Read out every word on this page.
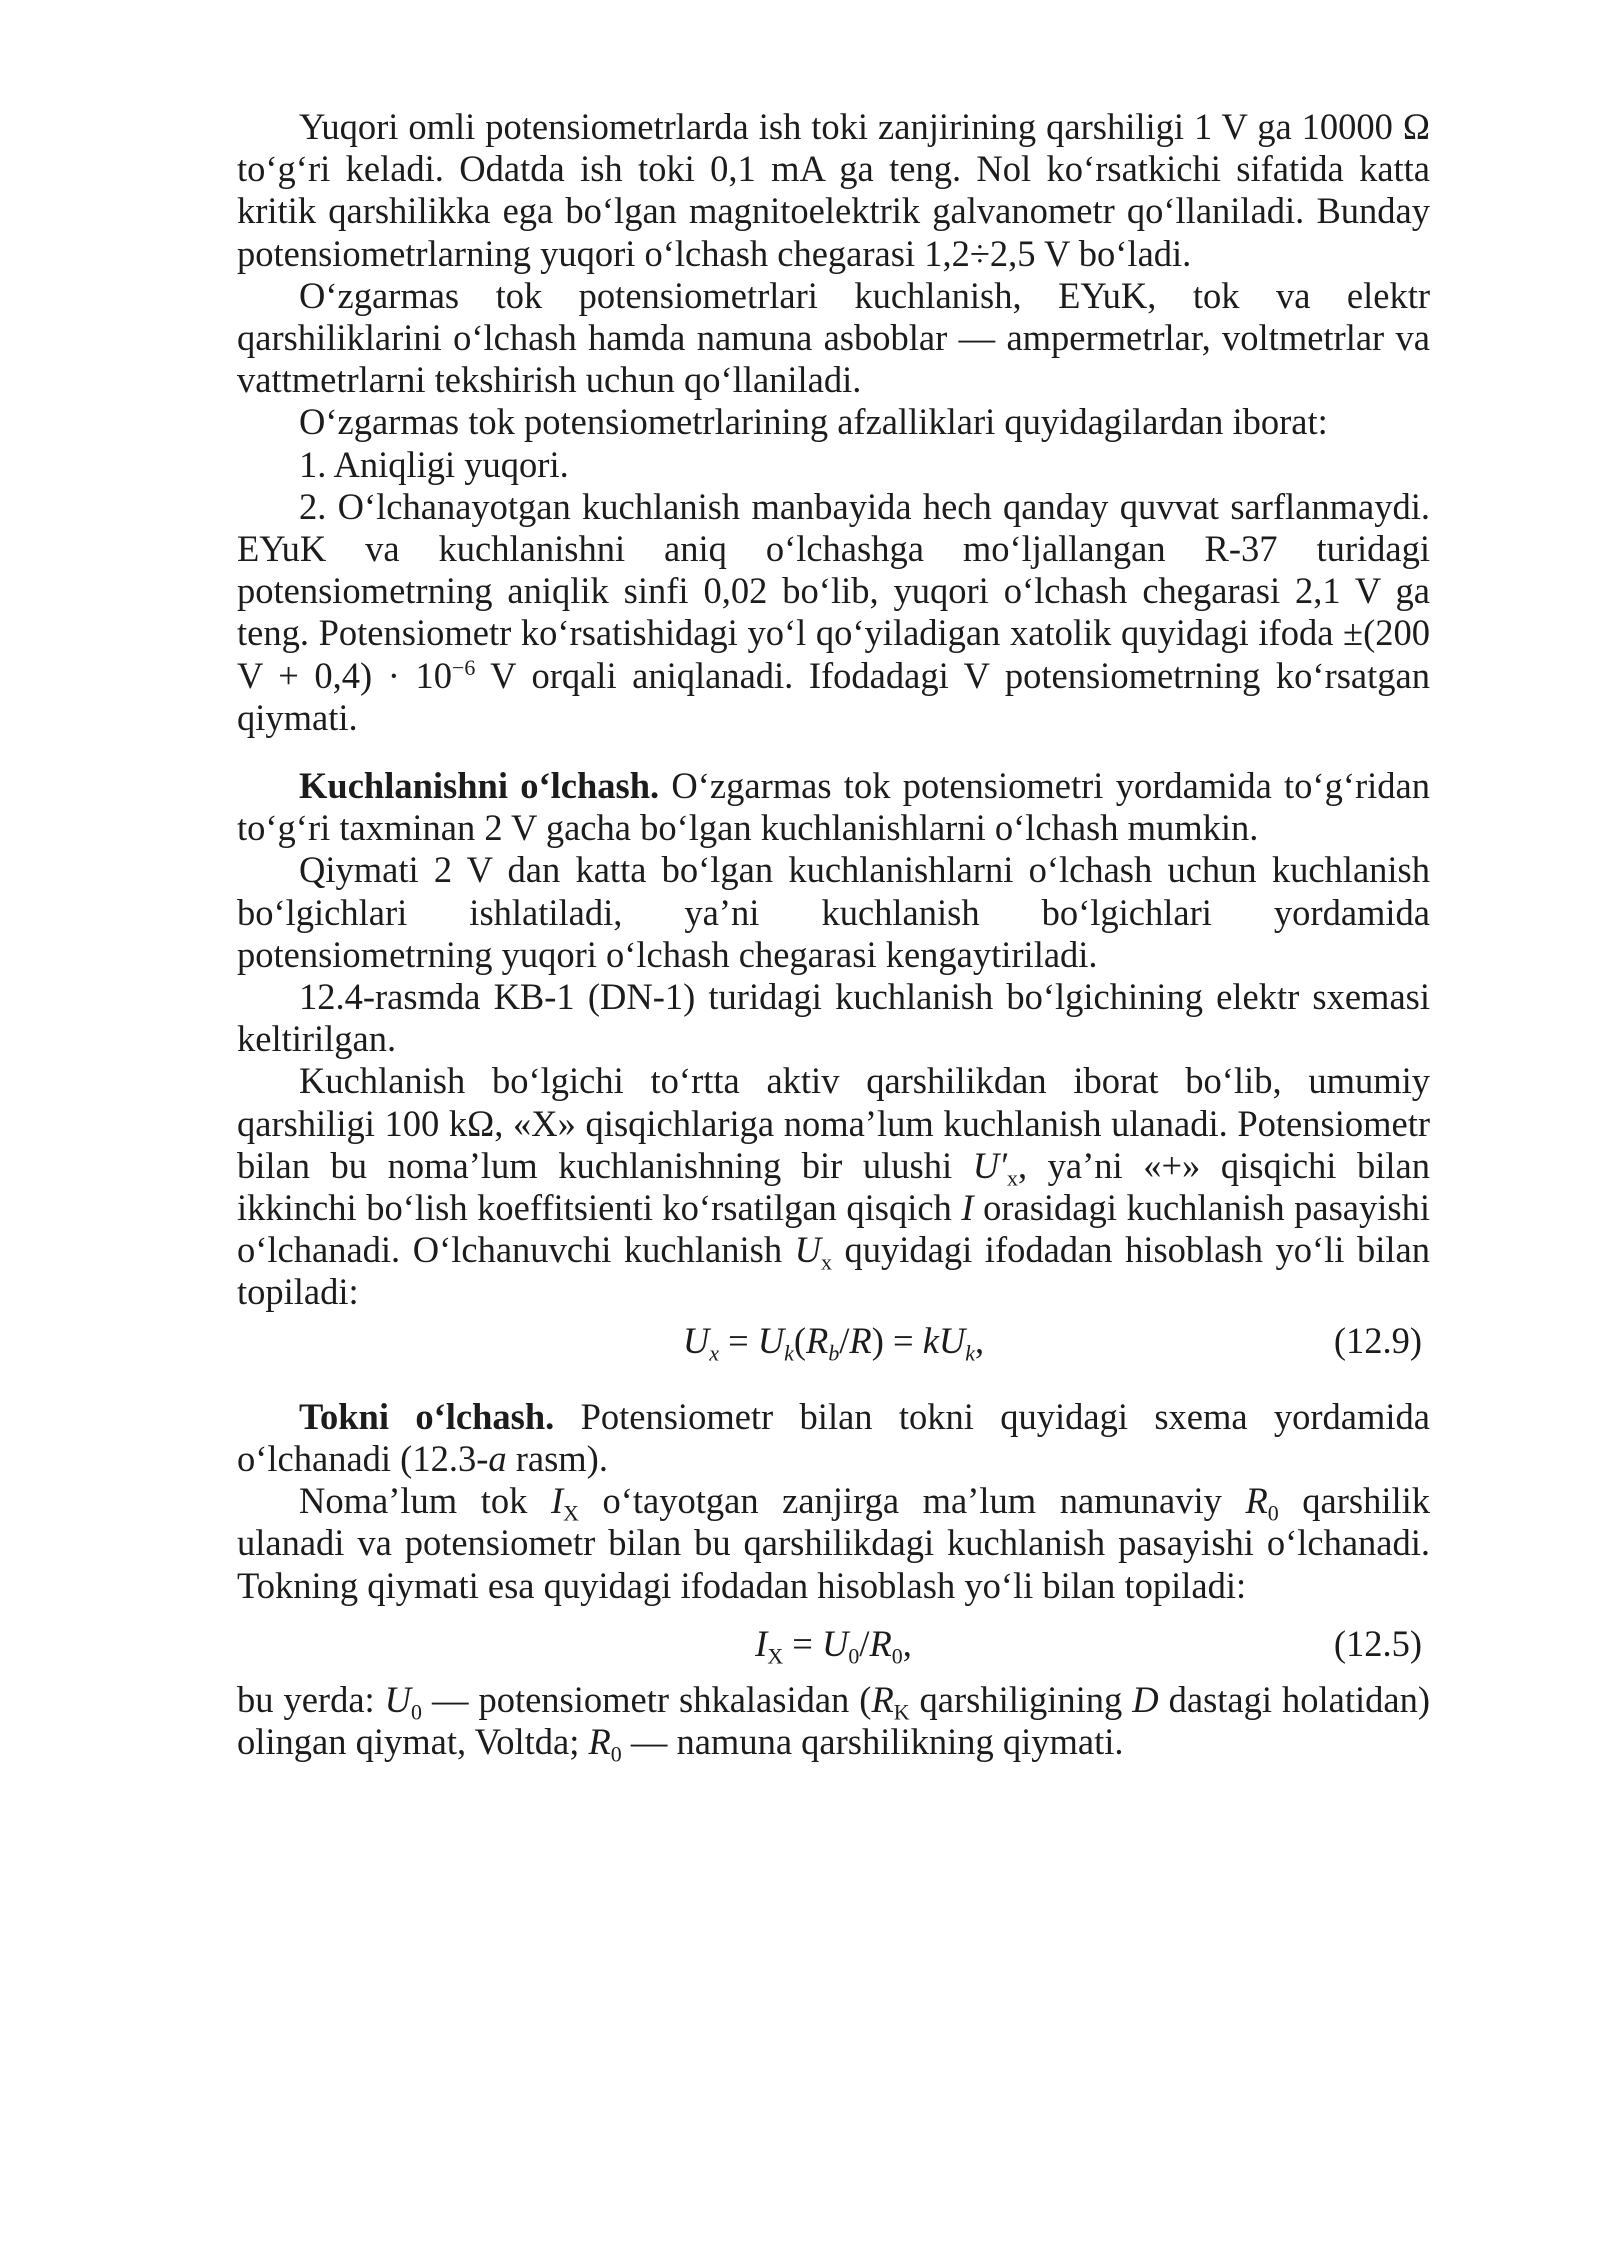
Yuqori omli potensiometrlarda ish toki zanjirining qarshiligi 1 V ga 10000 Ω to‘g‘ri keladi. Odatda ish toki 0,1 mA ga teng. Nol ko‘rsatkichi sifatida katta kritik qarshilikka ega bo‘lgan magnitoelektrik galvanometr qo‘llaniladi. Bunday potensiometrlarning yuqori o‘lchash chegarasi 1,2÷2,5 V bo‘ladi.

O‘zgarmas tok potensiometrlari kuchlanish, EYuK, tok va elektr qarshiliklarini o‘lchash hamda namuna asboblar — ampermetrlar, voltmetrlar va vattmetrlarni tekshirish uchun qo‘llaniladi.

O‘zgarmas tok potensiometrlarining afzalliklari quyidagilardan iborat:

1. Aniqligi yuqori.

2. O‘lchanayotgan kuchlanish manbayida hech qanday quvvat sarflanmaydi. EYuK va kuchlanishni aniq o‘lchashga mo‘ljallangan R-37 turidagi potensiometrning aniqlik sinfi 0,02 bo‘lib, yuqori o‘lchash chegarasi 2,1 V ga teng. Potensiometr ko‘rsatishidagi yo‘l qo‘yiladigan xatolik quyidagi ifoda ±(200 $V + 0,4) \cdot 10^{-6}$ V orqali aniqlanadi. Ifodadagi V potensiometrning ko‘rsatgan qiymati.

Kuchlanishni o‘lchash. O‘zgarmas tok potensiometri yordamida to‘g‘ridan to‘g‘ri taxminan 2 V gacha bo‘lgan kuchlanishlarni o‘lchash mumkin.

Qiymati 2 V dan katta bo‘lgan kuchlanishlarni o‘lchash uchun kuchlanish bo‘lgichlari ishlatiladi, ya’ni kuchlanish bo‘lgichlari yordamida potensiometrning yuqori o‘lchash chegarasi kengaytiriladi.

12.4-rasmda KB-1 (DN-1) turidagi kuchlanish bo‘lgichining elektr sxemasi keltirilgan.

Kuchlanish bo‘lgichi to‘rtta aktiv qarshilikdan iborat bo‘lib, umumiy qarshiligi 100 kΩ, «X» qisqichlariga noma’lum kuchlanish ulanadi. Potensiometr bilan bu noma’lum kuchlanishning bir ulushi $U'_x$, ya’ni «+» qisqichi bilan ikkinchi bo‘lish koeffitsienti ko‘rsatilgan qisqich I orasidagi kuchlanish pasayishi o‘lchanadi. O‘lchanuvchi kuchlanish $U_x$ quyidagi ifodadan hisoblash yo‘li bilan topiladi:

$U_x = U_k(R_b/R) = kU_k$,	(12.9)

Tokni o‘lchash. Potensiometr bilan tokni quyidagi sxema yordamida o‘lchanadi (12.3-a rasm).

Noma’lum tok $I_X$ o‘tayotgan zanjirga ma’lum namunaviy $R_0$ qarshilik ulanadi va potensiometr bilan bu qarshilikdagi kuchlanish pasayishi o‘lchanadi. Tokning qiymati esa quyidagi ifodadan hisoblash yo‘li bilan topiladi:

$I_X = U_0/R_0$,	(12.5)

bu yerda: $U_0$ — potensiometr shkalasidan ($R_K$ qarshiligining D dastagi holatidan) olingan qiymat, Voltda; $R_0$ — namuna qarshilikning qiymati.
